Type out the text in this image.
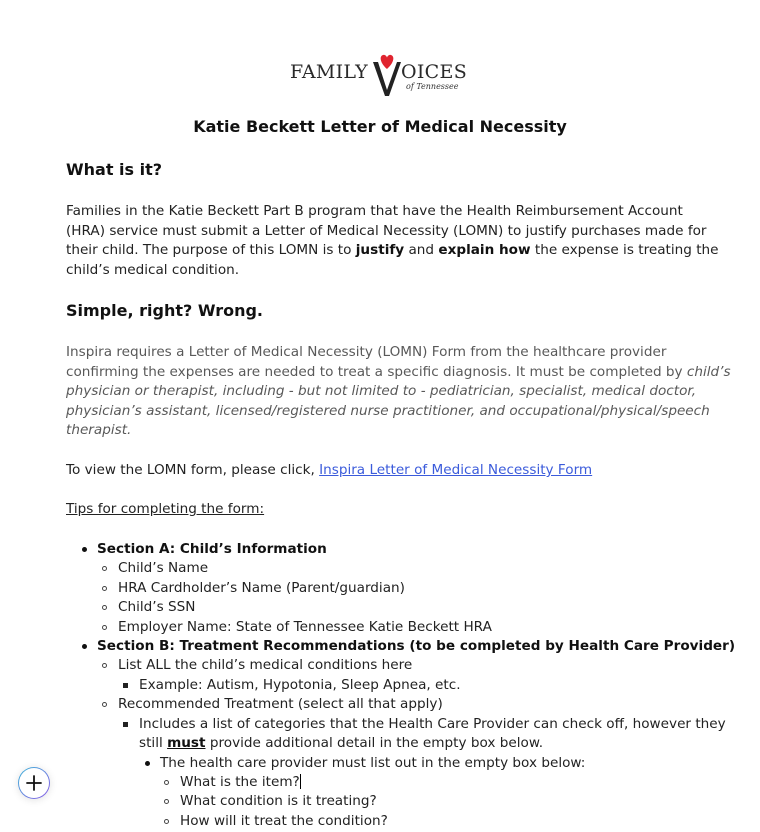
FAMILY OICES
of Tennessee
Katie Beckett Letter of Medical Necessity
What is it?
Families in the Katie Beckett Part B program that have the Health Reimbursement Account
(HRA) service must submit a Letter of Medical Necessity (LOMN) to justify purchases made for
their child. The purpose of this LOMN is to justify and explain how the expense is treating the
child’s medical condition.
Simple, right? Wrong.
Inspira requires a Letter of Medical Necessity (LOMN) Form from the healthcare provider
confirming the expenses are needed to treat a specific diagnosis. It must be completed by child’s
physician or therapist, including - but not limited to - pediatrician, specialist, medical doctor,
physician’s assistant, licensed/registered nurse practitioner, and occupational/physical/speech
therapist.
To view the LOMN form, please click, Inspira Letter of Medical Necessity Form
Tips for completing the form:
Section A: Child’s Information
Child’s Name
HRA Cardholder’s Name (Parent/guardian)
Child’s SSN
Employer Name: State of Tennessee Katie Beckett HRA
Section B: Treatment Recommendations (to be completed by Health Care Provider)
List ALL the child’s medical conditions here
Example: Autism, Hypotonia, Sleep Apnea, etc.
Recommended Treatment (select all that apply)
Includes a list of categories that the Health Care Provider can check off, however they
still must provide additional detail in the empty box below.
The health care provider must list out in the empty box below:
What is the item?
What condition is it treating?
How will it treat the condition?
